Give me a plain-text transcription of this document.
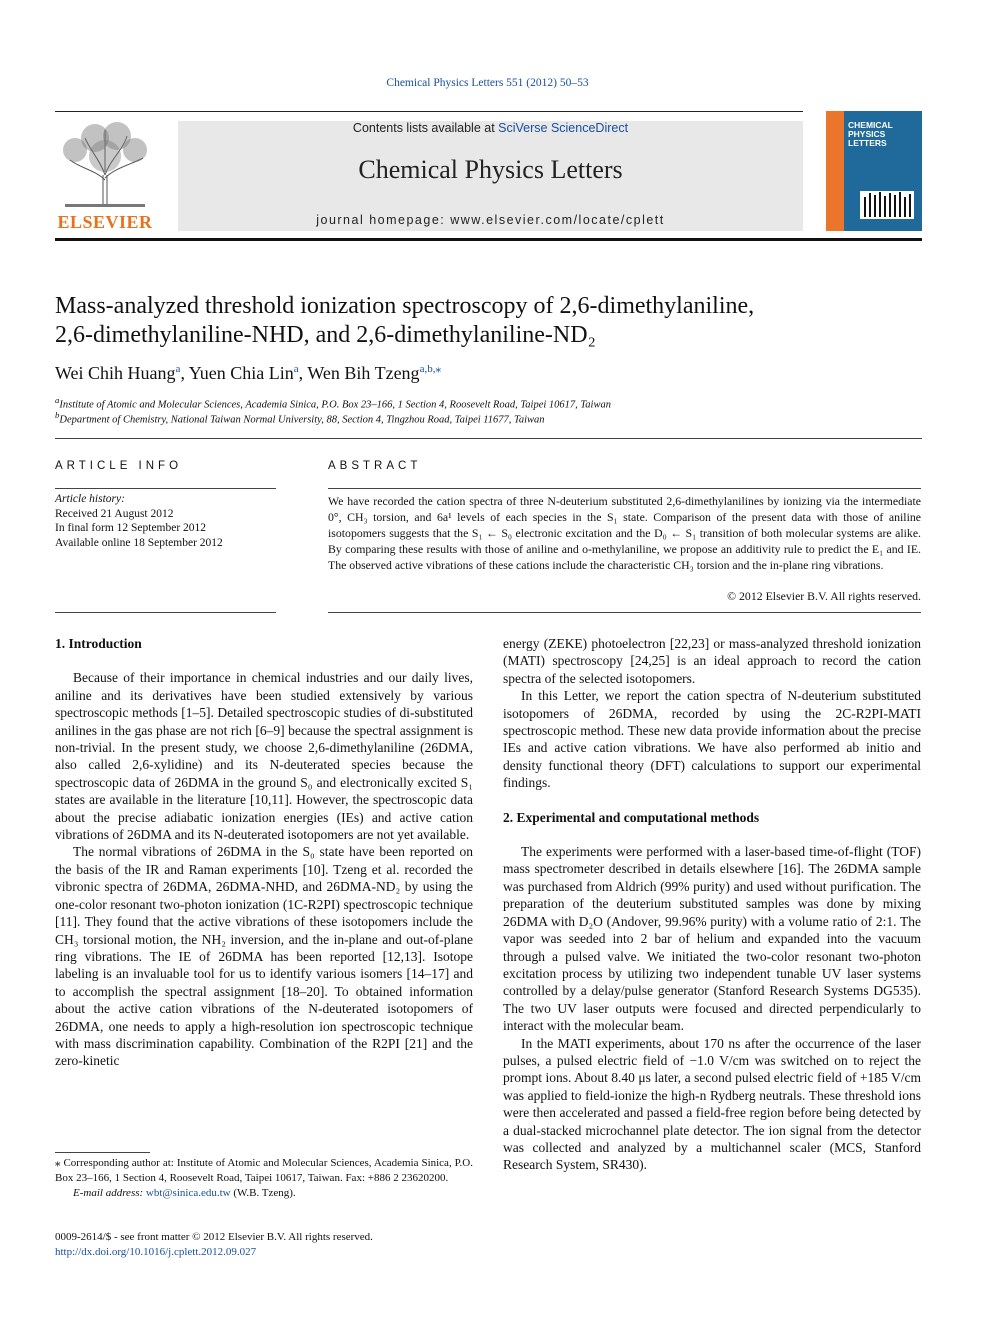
Chemical Physics Letters 551 (2012) 50–53
ELSEVIER
Contents lists available at SciVerse ScienceDirect
Chemical Physics Letters
journal homepage: www.elsevier.com/locate/cplett
CHEMICAL
PHYSICS
LETTERS
Mass-analyzed threshold ionization spectroscopy of 2,6-dimethylaniline,
2,6-dimethylaniline-NHD, and 2,6-dimethylaniline-ND₂
Wei Chih Huang$^a$, Yuen Chia Lin$^a$, Wen Bih Tzeng$^{a,b,⁎}$
$^a$Institute of Atomic and Molecular Sciences, Academia Sinica, P.O. Box 23–166, 1 Section 4, Roosevelt Road, Taipei 10617, Taiwan
$^b$Department of Chemistry, National Taiwan Normal University, 88, Section 4, Tingzhou Road, Taipei 11677, Taiwan
ARTICLE INFO	ABSTRACT
Article history:
Received 21 August 2012
In final form 12 September 2012
Available online 18 September 2012
We have recorded the cation spectra of three N-deuterium substituted 2,6-dimethylanilines by ionizing via the intermediate 0°, CH₃ torsion, and 6a¹ levels of each species in the S₁ state. Comparison of the present data with those of aniline isotopomers suggests that the S₁ ← S₀ electronic excitation and the D₀ ← S₁ transition of both molecular systems are alike. By comparing these results with those of aniline and o-methylaniline, we propose an additivity rule to predict the E₁ and IE. The observed active vibrations of these cations include the characteristic CH₃ torsion and the in-plane ring vibrations.
© 2012 Elsevier B.V. All rights reserved.
1. Introduction

Because of their importance in chemical industries and our daily lives, aniline and its derivatives have been studied extensively by various spectroscopic methods [1–5]. Detailed spectroscopic studies of di-substituted anilines in the gas phase are not rich [6–9] because the spectral assignment is non-trivial. In the present study, we choose 2,6-dimethylaniline (26DMA, also called 2,6-xylidine) and its N-deuterated species because the spectroscopic data of 26DMA in the ground S₀ and electronically excited S₁ states are available in the literature [10,11]. However, the spectroscopic data about the precise adiabatic ionization energies (IEs) and active cation vibrations of 26DMA and its N-deuterated isotopomers are not yet available.

The normal vibrations of 26DMA in the S₀ state have been reported on the basis of the IR and Raman experiments [10]. Tzeng et al. recorded the vibronic spectra of 26DMA, 26DMA-NHD, and 26DMA-ND₂ by using the one-color resonant two-photon ionization (1C-R2PI) spectroscopic technique [11]. They found that the active vibrations of these isotopomers include the CH₃ torsional motion, the NH₂ inversion, and the in-plane and out-of-plane ring vibrations. The IE of 26DMA has been reported [12,13]. Isotope labeling is an invaluable tool for us to identify various isomers [14–17] and to accomplish the spectral assignment [18–20]. To obtained information about the active cation vibrations of the N-deuterated isotopomers of 26DMA, one needs to apply a high-resolution ion spectroscopic technique with mass discrimination capability. Combination of the R2PI [21] and the zero-kinetic

energy (ZEKE) photoelectron [22,23] or mass-analyzed threshold ionization (MATI) spectroscopy [24,25] is an ideal approach to record the cation spectra of the selected isotopomers.

In this Letter, we report the cation spectra of N-deuterium substituted isotopomers of 26DMA, recorded by using the 2C-R2PI-MATI spectroscopic method. These new data provide information about the precise IEs and active cation vibrations. We have also performed ab initio and density functional theory (DFT) calculations to support our experimental findings.

2. Experimental and computational methods

The experiments were performed with a laser-based time-of-flight (TOF) mass spectrometer described in details elsewhere [16]. The 26DMA sample was purchased from Aldrich (99% purity) and used without purification. The preparation of the deuterium substituted samples was done by mixing 26DMA with D₂O (Andover, 99.96% purity) with a volume ratio of 2:1. The vapor was seeded into 2 bar of helium and expanded into the vacuum through a pulsed valve. We initiated the two-color resonant two-photon excitation process by utilizing two independent tunable UV laser systems controlled by a delay/pulse generator (Stanford Research Systems DG535). The two UV laser outputs were focused and directed perpendicularly to interact with the molecular beam.

In the MATI experiments, about 170 ns after the occurrence of the laser pulses, a pulsed electric field of −1.0 V/cm was switched on to reject the prompt ions. About 8.40 μs later, a second pulsed electric field of +185 V/cm was applied to field-ionize the high-n Rydberg neutrals. These threshold ions were then accelerated and passed a field-free region before being detected by a dual-stacked microchannel plate detector. The ion signal from the detector was collected and analyzed by a multichannel scaler (MCS, Stanford Research System, SR430).

⁎ Corresponding author at: Institute of Atomic and Molecular Sciences, Academia Sinica, P.O. Box 23–166, 1 Section 4, Roosevelt Road, Taipei 10617, Taiwan. Fax: +886 2 23620200.
E-mail address: wbt@sinica.edu.tw (W.B. Tzeng).
0009-2614/$ - see front matter © 2012 Elsevier B.V. All rights reserved.
http://dx.doi.org/10.1016/j.cplett.2012.09.027
